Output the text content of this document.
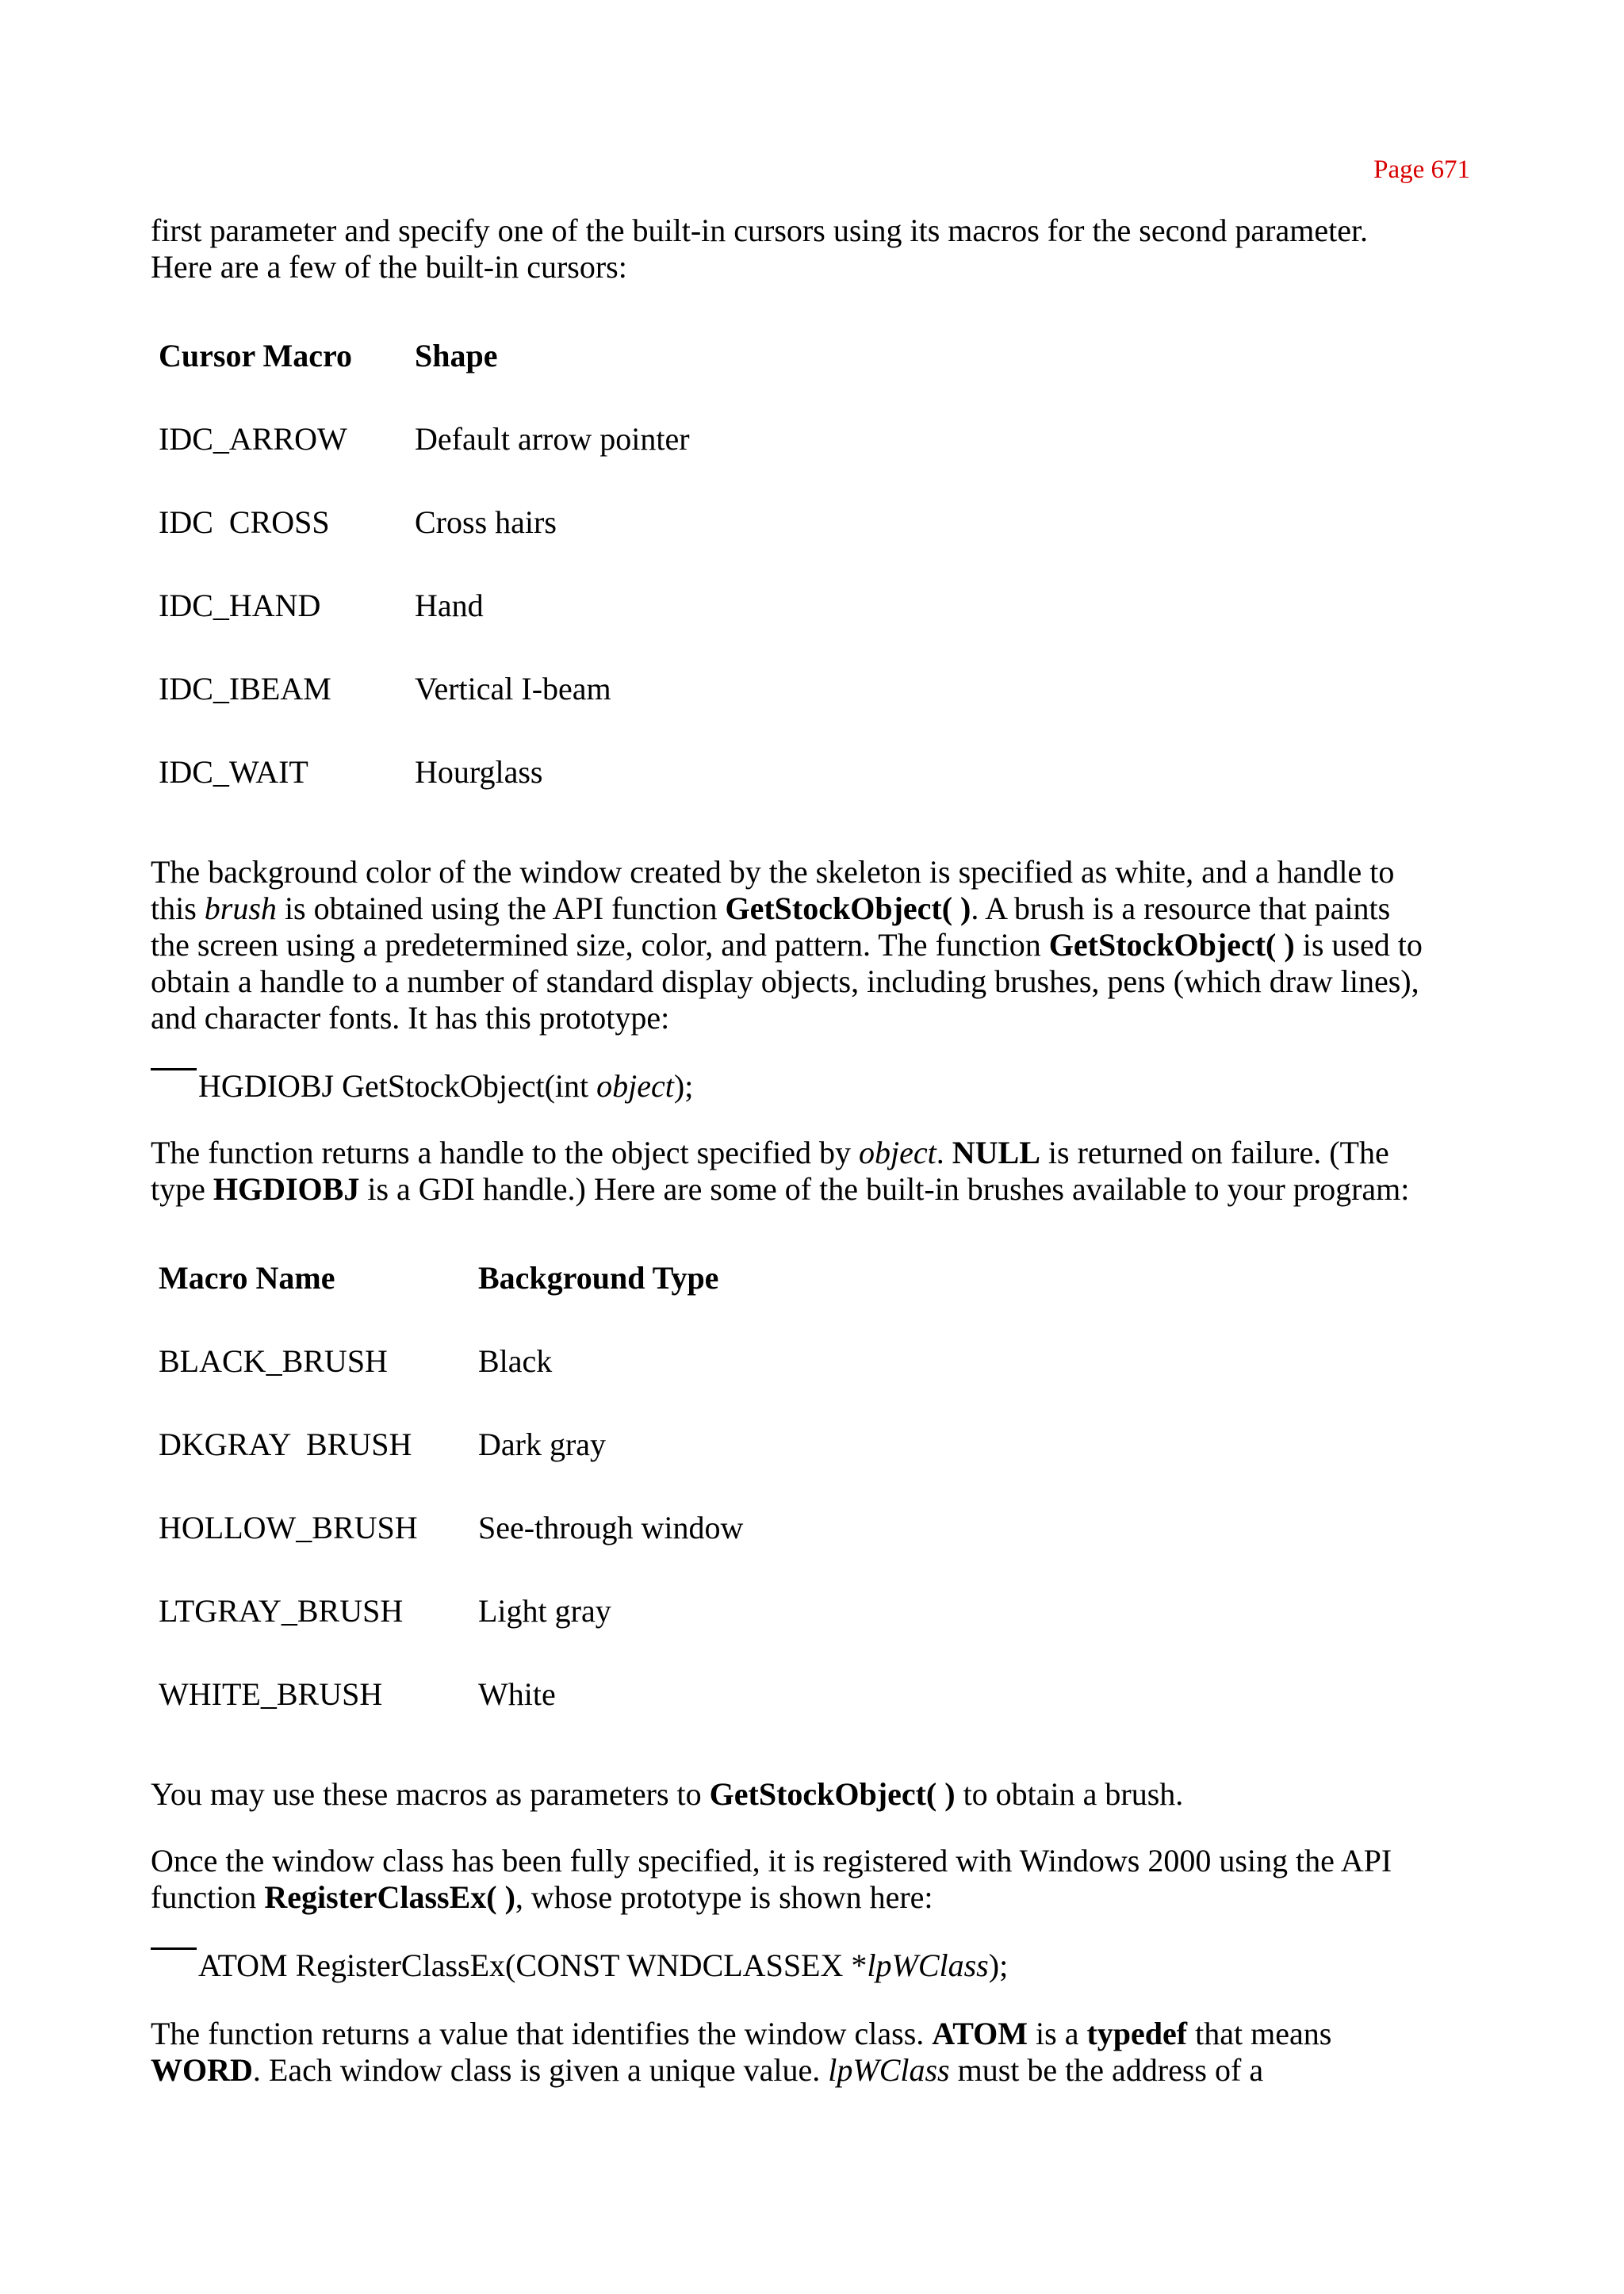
Page 671

first parameter and specify one of the built-in cursors using its macros for the second parameter.
Here are a few of the built-in cursors:

Cursor Macro	Shape
IDC_ARROW	Default arrow pointer
IDC  CROSS	Cross hairs
IDC_HAND	Hand
IDC_IBEAM	Vertical I-beam
IDC_WAIT	Hourglass

The background color of the window created by the skeleton is specified as white, and a handle to
this brush is obtained using the API function GetStockObject( ). A brush is a resource that paints
the screen using a predetermined size, color, and pattern. The function GetStockObject( ) is used to
obtain a handle to a number of standard display objects, including brushes, pens (which draw lines),
and character fonts. It has this prototype:

HGDIOBJ GetStockObject(int object);

The function returns a handle to the object specified by object. NULL is returned on failure. (The
type HGDIOBJ is a GDI handle.) Here are some of the built-in brushes available to your program:

Macro Name	Background Type
BLACK_BRUSH	Black
DKGRAY  BRUSH	Dark gray
HOLLOW_BRUSH	See-through window
LTGRAY_BRUSH	Light gray
WHITE_BRUSH	White

You may use these macros as parameters to GetStockObject( ) to obtain a brush.

Once the window class has been fully specified, it is registered with Windows 2000 using the API
function RegisterClassEx( ), whose prototype is shown here:

ATOM RegisterClassEx(CONST WNDCLASSEX *lpWClass);

The function returns a value that identifies the window class. ATOM is a typedef that means
WORD. Each window class is given a unique value. lpWClass must be the address of a
